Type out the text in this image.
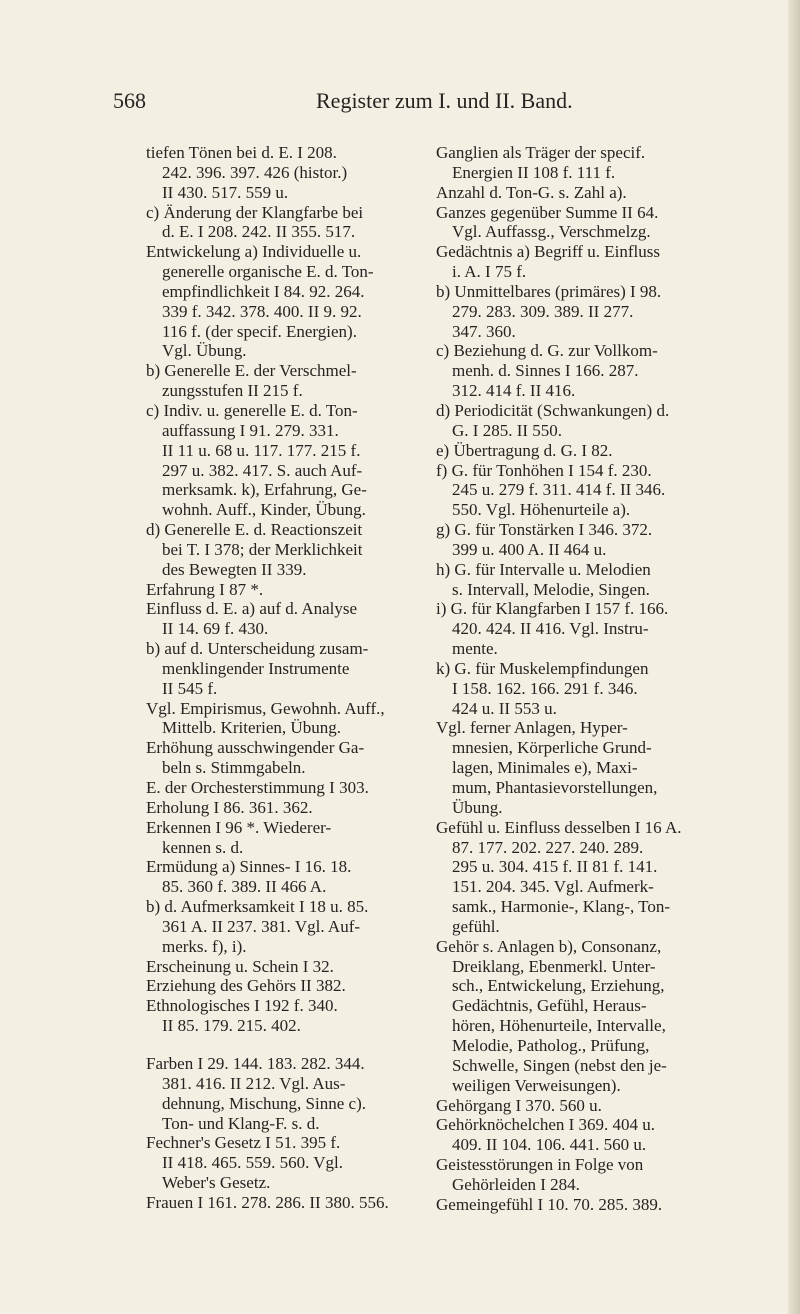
568	Register zum I. und II. Band.

tiefen Tönen bei d. E. I 208.
242. 396. 397. 426 (histor.)
II 430. 517. 559 u.

c) Änderung der Klangfarbe bei
d. E. I 208. 242. II 355. 517.

Entwickelung a) Individuelle u.
generelle organische E. d. Ton-
empfindlichkeit I 84. 92. 264.
339 f. 342. 378. 400. II 9. 92.
116 f. (der specif. Energien).
Vgl. Übung.

b) Generelle E. der Verschmel-
zungsstufen II 215 f.

c) Indiv. u. generelle E. d. Ton-
auffassung I 91. 279. 331.
II 11 u. 68 u. 117. 177. 215 f.
297 u. 382. 417. S. auch Auf-
merksamk. k), Erfahrung, Ge-
wohnh. Auff., Kinder, Übung.

d) Generelle E. d. Reactionszeit
bei T. I 378; der Merklichkeit
des Bewegten II 339.

Erfahrung I 87 *.

Einfluss d. E. a) auf d. Analyse
II 14. 69 f. 430.

b) auf d. Unterscheidung zusam-
menklingender Instrumente
II 545 f.

Vgl. Empirismus, Gewohnh. Auff.,
Mittelb. Kriterien, Übung.

Erhöhung ausschwingender Ga-
beln s. Stimmgabeln.

E. der Orchesterstimmung I 303.

Erholung I 86. 361. 362.

Erkennen I 96 *. Wiederer-
kennen s. d.

Ermüdung a) Sinnes- I 16. 18.
85. 360 f. 389. II 466 A.

b) d. Aufmerksamkeit I 18 u. 85.
361 A. II 237. 381. Vgl. Auf-
merks. f), i).

Erscheinung u. Schein I 32.

Erziehung des Gehörs II 382.

Ethnologisches I 192 f. 340.
II 85. 179. 215. 402.

Farben I 29. 144. 183. 282. 344.
381. 416. II 212. Vgl. Aus-
dehnung, Mischung, Sinne c).
Ton- und Klang-F. s. d.

Fechner's Gesetz I 51. 395 f.
II 418. 465. 559. 560. Vgl.
Weber's Gesetz.

Frauen I 161. 278. 286. II 380. 556.

Ganglien als Träger der specif.
Energien II 108 f. 111 f.

Anzahl d. Ton-G. s. Zahl a).

Ganzes gegenüber Summe II 64.
Vgl. Auffassg., Verschmelzg.

Gedächtnis a) Begriff u. Einfluss
i. A. I 75 f.

b) Unmittelbares (primäres) I 98.
279. 283. 309. 389. II 277.
347. 360.

c) Beziehung d. G. zur Vollkom-
menh. d. Sinnes I 166. 287.
312. 414 f. II 416.

d) Periodicität (Schwankungen) d.
G. I 285. II 550.

e) Übertragung d. G. I 82.

f) G. für Tonhöhen I 154 f. 230.
245 u. 279 f. 311. 414 f. II 346.
550. Vgl. Höhenurteile a).

g) G. für Tonstärken I 346. 372.
399 u. 400 A. II 464 u.

h) G. für Intervalle u. Melodien
s. Intervall, Melodie, Singen.

i) G. für Klangfarben I 157 f. 166.
420. 424. II 416. Vgl. Instru-
mente.

k) G. für Muskelempfindungen
I 158. 162. 166. 291 f. 346.
424 u. II 553 u.

Vgl. ferner Anlagen, Hyper-
mnesien, Körperliche Grund-
lagen, Minimales e), Maxi-
mum, Phantasievorstellungen,
Übung.

Gefühl u. Einfluss desselben I 16 A.
87. 177. 202. 227. 240. 289.
295 u. 304. 415 f. II 81 f. 141.
151. 204. 345. Vgl. Aufmerk-
samk., Harmonie-, Klang-, Ton-
gefühl.

Gehör s. Anlagen b), Consonanz,
Dreiklang, Ebenmerkl. Unter-
sch., Entwickelung, Erziehung,
Gedächtnis, Gefühl, Heraus-
hören, Höhenurteile, Intervalle,
Melodie, Patholog., Prüfung,
Schwelle, Singen (nebst den je-
weiligen Verweisungen).

Gehörgang I 370. 560 u.

Gehörknöchelchen I 369. 404 u.
409. II 104. 106. 441. 560 u.

Geistesstörungen in Folge von
Gehörleiden I 284.

Gemeingefühl I 10. 70. 285. 389.
